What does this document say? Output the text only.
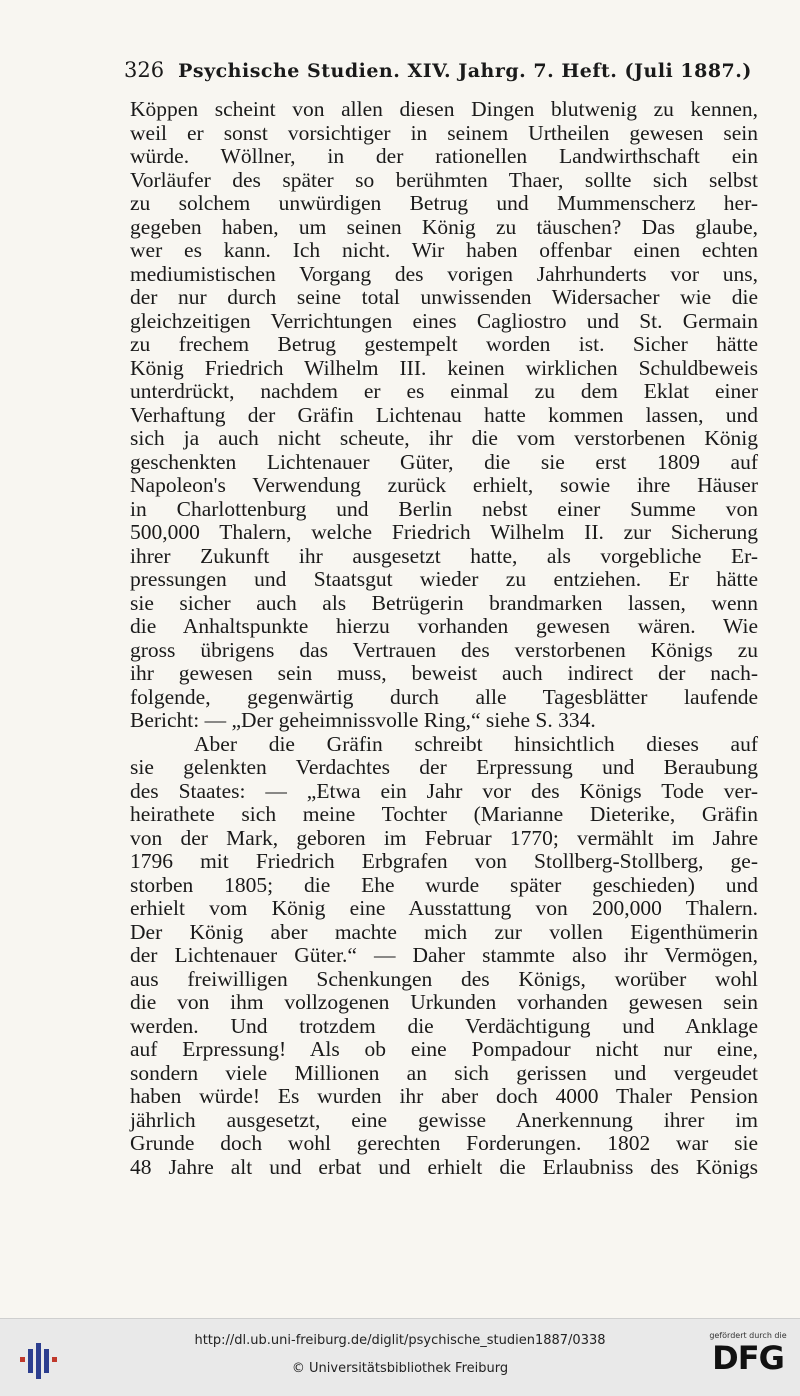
326 Psychische Studien. XIV. Jahrg. 7. Heft. (Juli 1887.)
Köppen scheint von allen diesen Dingen blutwenig zu kennen,
weil er sonst vorsichtiger in seinem Urtheilen gewesen sein
würde. Wöllner, in der rationellen Landwirthschaft ein
Vorläufer des später so berühmten Thaer, sollte sich selbst
zu solchem unwürdigen Betrug und Mummenscherz her-
gegeben haben, um seinen König zu täuschen? Das glaube,
wer es kann. Ich nicht. Wir haben offenbar einen echten
mediumistischen Vorgang des vorigen Jahrhunderts vor uns,
der nur durch seine total unwissenden Widersacher wie die
gleichzeitigen Verrichtungen eines Cagliostro und St. Germain
zu frechem Betrug gestempelt worden ist. Sicher hätte
König Friedrich Wilhelm III. keinen wirklichen Schuldbeweis
unterdrückt, nachdem er es einmal zu dem Eklat einer
Verhaftung der Gräfin Lichtenau hatte kommen lassen, und
sich ja auch nicht scheute, ihr die vom verstorbenen König
geschenkten Lichtenauer Güter, die sie erst 1809 auf
Napoleon's Verwendung zurück erhielt, sowie ihre Häuser
in Charlottenburg und Berlin nebst einer Summe von
500,000 Thalern, welche Friedrich Wilhelm II. zur Sicherung
ihrer Zukunft ihr ausgesetzt hatte, als vorgebliche Er-
pressungen und Staatsgut wieder zu entziehen. Er hätte
sie sicher auch als Betrügerin brandmarken lassen, wenn
die Anhaltspunkte hierzu vorhanden gewesen wären. Wie
gross übrigens das Vertrauen des verstorbenen Königs zu
ihr gewesen sein muss, beweist auch indirect der nach-
folgende, gegenwärtig durch alle Tagesblätter laufende
Bericht: — „Der geheimnissvolle Ring,“ siehe S. 334.
Aber die Gräfin schreibt hinsichtlich dieses auf
sie gelenkten Verdachtes der Erpressung und Beraubung
des Staates: — „Etwa ein Jahr vor des Königs Tode ver-
heirathete sich meine Tochter (Marianne Dieterike, Gräfin
von der Mark, geboren im Februar 1770; vermählt im Jahre
1796 mit Friedrich Erbgrafen von Stollberg-Stollberg, ge-
storben 1805; die Ehe wurde später geschieden) und
erhielt vom König eine Ausstattung von 200,000 Thalern.
Der König aber machte mich zur vollen Eigenthümerin
der Lichtenauer Güter.“ — Daher stammte also ihr Vermögen,
aus freiwilligen Schenkungen des Königs, worüber wohl
die von ihm vollzogenen Urkunden vorhanden gewesen sein
werden. Und trotzdem die Verdächtigung und Anklage
auf Erpressung! Als ob eine Pompadour nicht nur eine,
sondern viele Millionen an sich gerissen und vergeudet
haben würde! Es wurden ihr aber doch 4000 Thaler Pension
jährlich ausgesetzt, eine gewisse Anerkennung ihrer im
Grunde doch wohl gerechten Forderungen. 1802 war sie
48 Jahre alt und erbat und erhielt die Erlaubniss des Königs
http://dl.ub.uni-freiburg.de/diglit/psychische_studien1887/0338
© Universitätsbibliothek Freiburg
gefördert durch die
DFG
